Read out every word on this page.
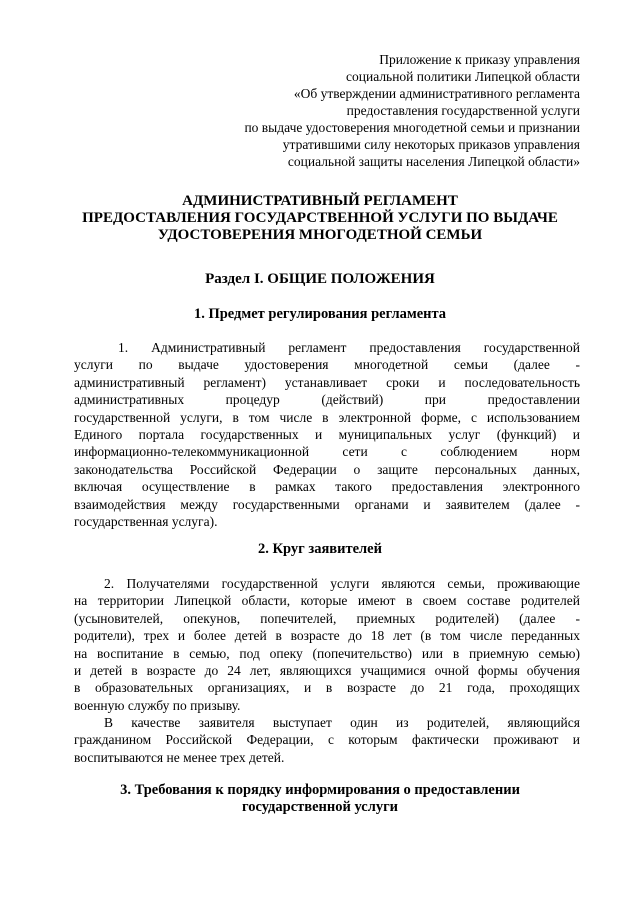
Приложение к приказу управления
социальной политики Липецкой области
«Об утверждении административного регламента
предоставления государственной услуги
по выдаче удостоверения многодетной семьи и признании
утратившими силу некоторых приказов управления
социальной защиты населения Липецкой области»
АДМИНИСТРАТИВНЫЙ РЕГЛАМЕНТ
ПРЕДОСТАВЛЕНИЯ ГОСУДАРСТВЕННОЙ УСЛУГИ ПО ВЫДАЧЕ
УДОСТОВЕРЕНИЯ МНОГОДЕТНОЙ СЕМЬИ
Раздел I. ОБЩИЕ ПОЛОЖЕНИЯ
1. Предмет регулирования регламента
1. Административный регламент предоставления государственной
услуги по выдаче удостоверения многодетной семьи (далее -
административный регламент) устанавливает сроки и последовательность
административных процедур (действий) при предоставлении
государственной услуги, в том числе в электронной форме, с использованием
Единого портала государственных и муниципальных услуг (функций) и
информационно-телекоммуникационной сети с соблюдением норм
законодательства Российской Федерации о защите персональных данных,
включая осуществление в рамках такого предоставления электронного
взаимодействия между государственными органами и заявителем (далее -
государственная услуга).
2. Круг заявителей
2. Получателями государственной услуги являются семьи, проживающие
на территории Липецкой области, которые имеют в своем составе родителей
(усыновителей, опекунов, попечителей, приемных родителей) (далее -
родители), трех и более детей в возрасте до 18 лет (в том числе переданных
на воспитание в семью, под опеку (попечительство) или в приемную семью)
и детей в возрасте до 24 лет, являющихся учащимися очной формы обучения
в образовательных организациях, и в возрасте до 21 года, проходящих
военную службу по призыву.
В качестве заявителя выступает один из родителей, являющийся
гражданином Российской Федерации, с которым фактически проживают и
воспитываются не менее трех детей.
3. Требования к порядку информирования о предоставлении
государственной услуги
